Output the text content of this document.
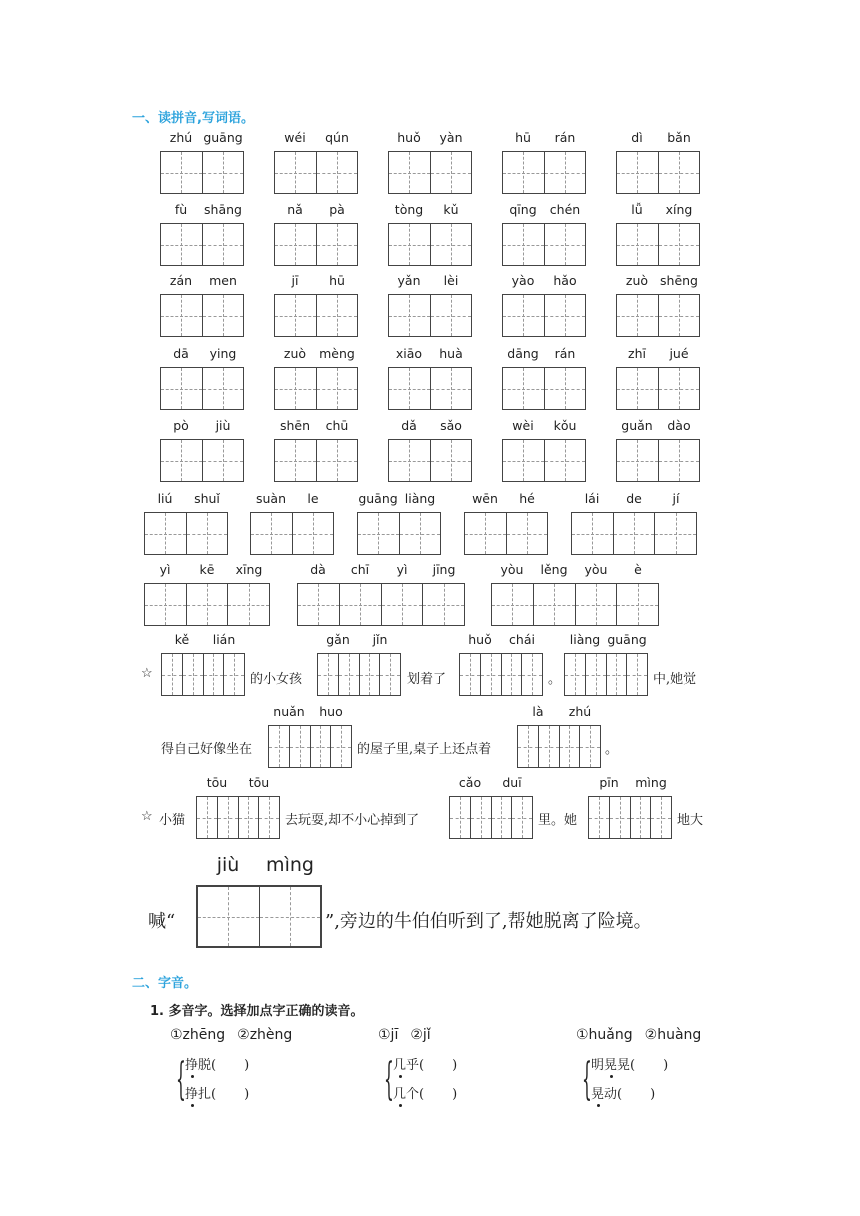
一、读拼音,写词语。
zhú guāng	wéi qún	huǒ yàn	hū rán	dì bǎn
fù shāng	nǎ pà	tòng kǔ	qīng chén	lǚ xíng
zán men	jī hū	yǎn lèi	yào hǎo	zuò shēng
dā ying	zuò mèng	xiāo huà	dāng rán	zhī jué
pò jiù	shēn chū	dǎ sǎo	wèi kǒu	guǎn dào
liú shuǐ	suàn le	guāng liàng	wēn hé	lái de jí
yì kē xīng	dà chī yì jīng	yòu lěng yòu è
☆
kě lián
的小女孩
gǎn jǐn
划着了
huǒ chái
。
liàng guāng
中,她觉
得自己好像坐在
nuǎn huo
的屋子里,桌子上还点着
là zhú
。
☆ 小猫
tōu tōu
去玩耍,却不小心掉到了
cǎo duī
里。她
pīn mìng
地大
喊“
jiù mìng
”,旁边的牛伯伯听到了,帮她脱离了险境。
二、字音。
1. 多音字。选择加点字正确的读音。
①zhēng ②zhèng
{ 挣脱( )
挣扎( )
①jī ②jǐ
{ 几乎( )
几个( )
①huǎng ②huàng
{ 明晃晃( )
晃动( )
